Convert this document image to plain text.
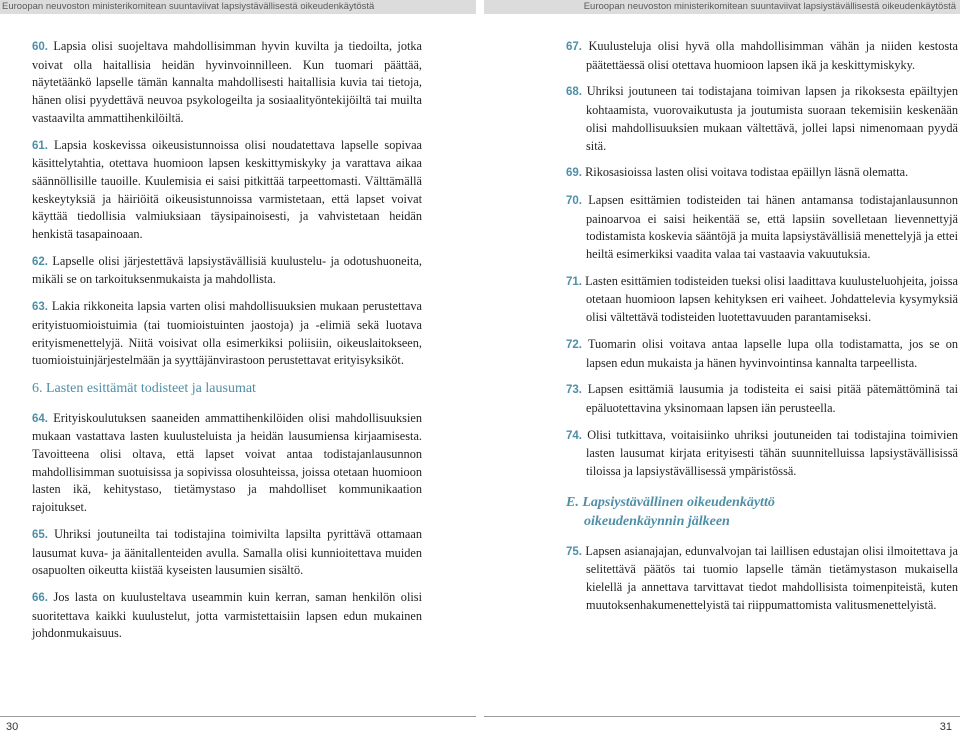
Euroopan neuvoston ministerikomitean suuntaviivat lapsiystävällisestä oikeudenkäytöstä	Euroopan neuvoston ministerikomitean suuntaviivat lapsiystävällisestä oikeudenkäytöstä

60. Lapsia olisi suojeltava mahdollisimman hyvin kuvilta ja tiedoilta, jotka voivat olla haitallisia heidän hyvinvoinnilleen. Kun tuomari päättää, näytetäänkö lapselle tämän kannalta mahdollisesti haitallisia kuvia tai tietoja, hänen olisi pyydettävä neuvoa psykologeilta ja sosiaalityöntekijöiltä tai muilta vastaavilta ammattihenkilöiltä.

61. Lapsia koskevissa oikeusistunnoissa olisi noudatettava lapselle sopivaa käsittelytahtia, otettava huomioon lapsen keskittymiskyky ja varattava aikaa säännöllisille tauoille. Kuulemisia ei saisi pitkittää tarpeettomasti. Välttämällä keskeytyksiä ja häiriöitä oikeusistunnoissa varmistetaan, että lapset voivat käyttää tiedollisia valmiuksiaan täysipainoisesti, ja vahvistetaan heidän henkistä tasapainoaan.

62. Lapselle olisi järjestettävä lapsiystävällisiä kuulustelu- ja odotushuoneita, mikäli se on tarkoituksenmukaista ja mahdollista.

63. Lakia rikkoneita lapsia varten olisi mahdollisuuksien mukaan perustettava erityistuomioistuimia (tai tuomioistuinten jaostoja) ja -elimiä sekä luotava erityismenettelyjä. Niitä voisivat olla esimerkiksi poliisiin, oikeuslaitokseen, tuomioistuinjärjestelmään ja syyttäjänvirastoon perustettavat erityisyksiköt.

6. Lasten esittämät todisteet ja lausumat

64. Erityiskoulutuksen saaneiden ammattihenkilöiden olisi mahdollisuuksien mukaan vastattava lasten kuulusteluista ja heidän lausumiensa kirjaamisesta. Tavoitteena olisi oltava, että lapset voivat antaa todistajanlausunnon mahdollisimman suotuisissa ja sopivissa olosuhteissa, joissa otetaan huomioon lasten ikä, kehitystaso, tietämystaso ja mahdolliset kommunikaation rajoitukset.

65. Uhriksi joutuneilta tai todistajina toimivilta lapsilta pyrittävä ottamaan lausumat kuva- ja äänitallenteiden avulla. Samalla olisi kunnioitettava muiden osapuolten oikeutta kiistää kyseisten lausumien sisältö.

66. Jos lasta on kuulusteltava useammin kuin kerran, saman henkilön olisi suoritettava kaikki kuulustelut, jotta varmistettaisiin lapsen edun mukainen johdonmukaisuus.

67. Kuulusteluja olisi hyvä olla mahdollisimman vähän ja niiden kestosta päätettäessä olisi otettava huomioon lapsen ikä ja keskittymiskyky.

68. Uhriksi joutuneen tai todistajana toimivan lapsen ja rikoksesta epäiltyjen kohtaamista, vuorovaikutusta ja joutumista suoraan tekemisiin keskenään olisi mahdollisuuksien mukaan vältettävä, jollei lapsi nimenomaan pyydä sitä.

69. Rikosasioissa lasten olisi voitava todistaa epäillyn läsnä olematta.

70. Lapsen esittämien todisteiden tai hänen antamansa todistajanlausunnon painoarvoa ei saisi heikentää se, että lapsiin sovelletaan lievennettyjä todistamista koskevia sääntöjä ja muita lapsiystävällisiä menettelyjä ja ettei heiltä esimerkiksi vaadita valaa tai vastaavia vakuutuksia.

71. Lasten esittämien todisteiden tueksi olisi laadittava kuulusteluohjeita, joissa otetaan huomioon lapsen kehityksen eri vaiheet. Johdattelevia kysymyksiä olisi vältettävä todisteiden luotettavuuden parantamiseksi.

72. Tuomarin olisi voitava antaa lapselle lupa olla todistamatta, jos se on lapsen edun mukaista ja hänen hyvinvointinsa kannalta tarpeellista.

73. Lapsen esittämiä lausumia ja todisteita ei saisi pitää pätemättöminä tai epäluotettavina yksinomaan lapsen iän perusteella.

74. Olisi tutkittava, voitaisiinko uhriksi joutuneiden tai todistajina toimivien lasten lausumat kirjata erityisesti tähän suunnitelluissa lapsiystävällisissä tiloissa ja lapsiystävällisessä ympäristössä.

E. Lapsiystävällinen oikeudenkäyttö
oikeudenkäynnin jälkeen

75. Lapsen asianajajan, edunvalvojan tai laillisen edustajan olisi ilmoitettava ja selitettävä päätös tai tuomio lapselle tämän tietämystason mukaisella kielellä ja annettava tarvittavat tiedot mahdollisista toimenpiteistä, kuten muutoksenhakumenettelyistä tai riippumattomista valitusmenettelyistä.

30	31
